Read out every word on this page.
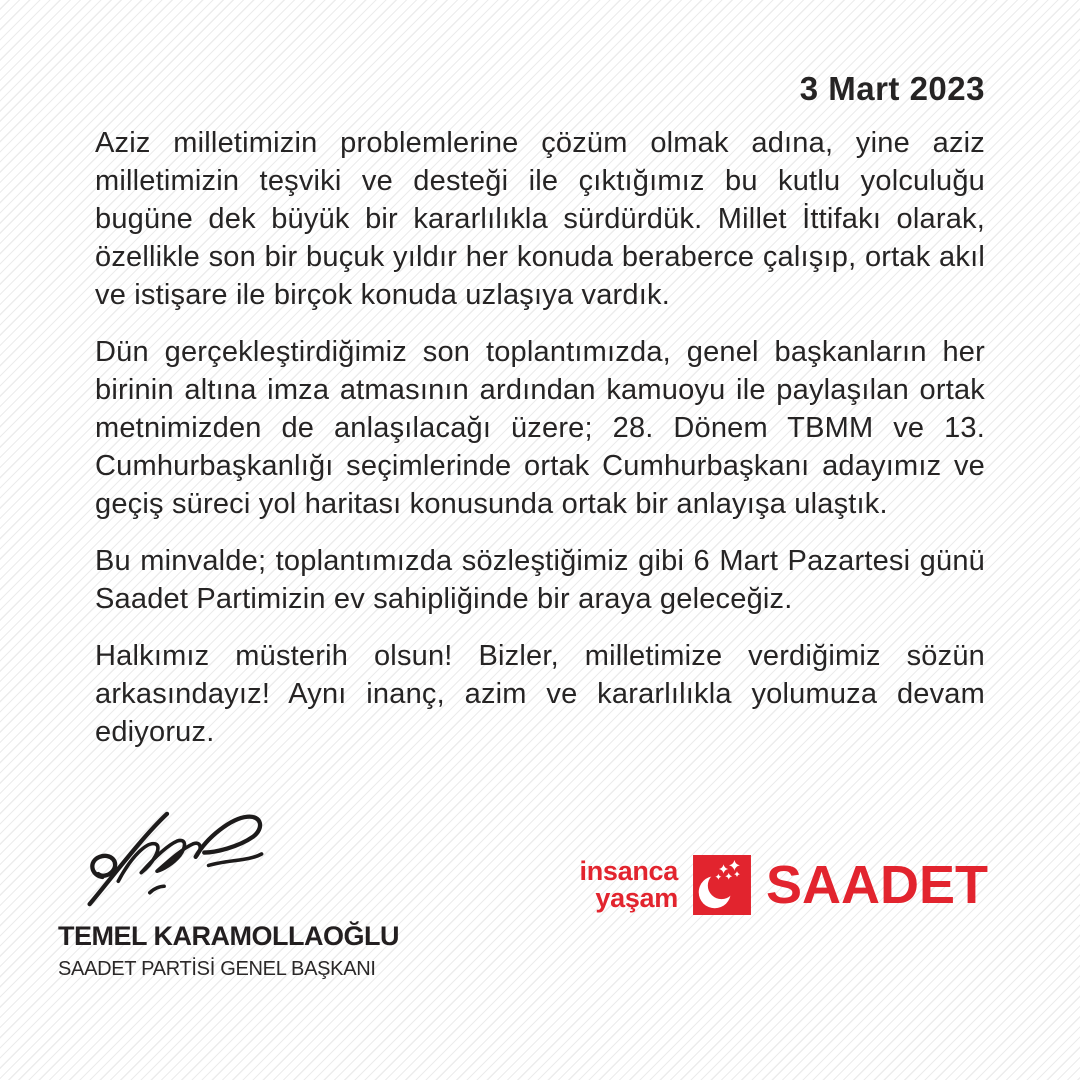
3 Mart 2023

Aziz milletimizin problemlerine çözüm olmak adına, yine aziz milletimizin teşviki ve desteği ile çıktığımız bu kutlu yolculuğu bugüne dek büyük bir kararlılıkla sürdürdük. Millet İttifakı olarak, özellikle son bir buçuk yıldır her konuda beraberce çalışıp, ortak akıl ve istişare ile birçok konuda uzlaşıya vardık.

Dün gerçekleştirdiğimiz son toplantımızda, genel başkanların her birinin altına imza atmasının ardından kamuoyu ile paylaşılan ortak metnimizden de anlaşılacağı üzere; 28. Dönem TBMM ve 13. Cumhurbaşkanlığı seçimlerinde ortak Cumhurbaşkanı adayımız ve geçiş süreci yol haritası konusunda ortak bir anlayışa ulaştık.

Bu minvalde; toplantımızda sözleştiğimiz gibi 6 Mart Pazartesi günü Saadet Partimizin ev sahipliğinde bir araya geleceğiz.

Halkımız müsterih olsun! Bizler, milletimize verdiğimiz sözün arkasındayız! Aynı inanç, azim ve kararlılıkla yolumuza devam ediyoruz.

TEMEL KARAMOLLAOĞLU
SAADET PARTİSİ GENEL BAŞKANI
insanca
yaşam SAADET
